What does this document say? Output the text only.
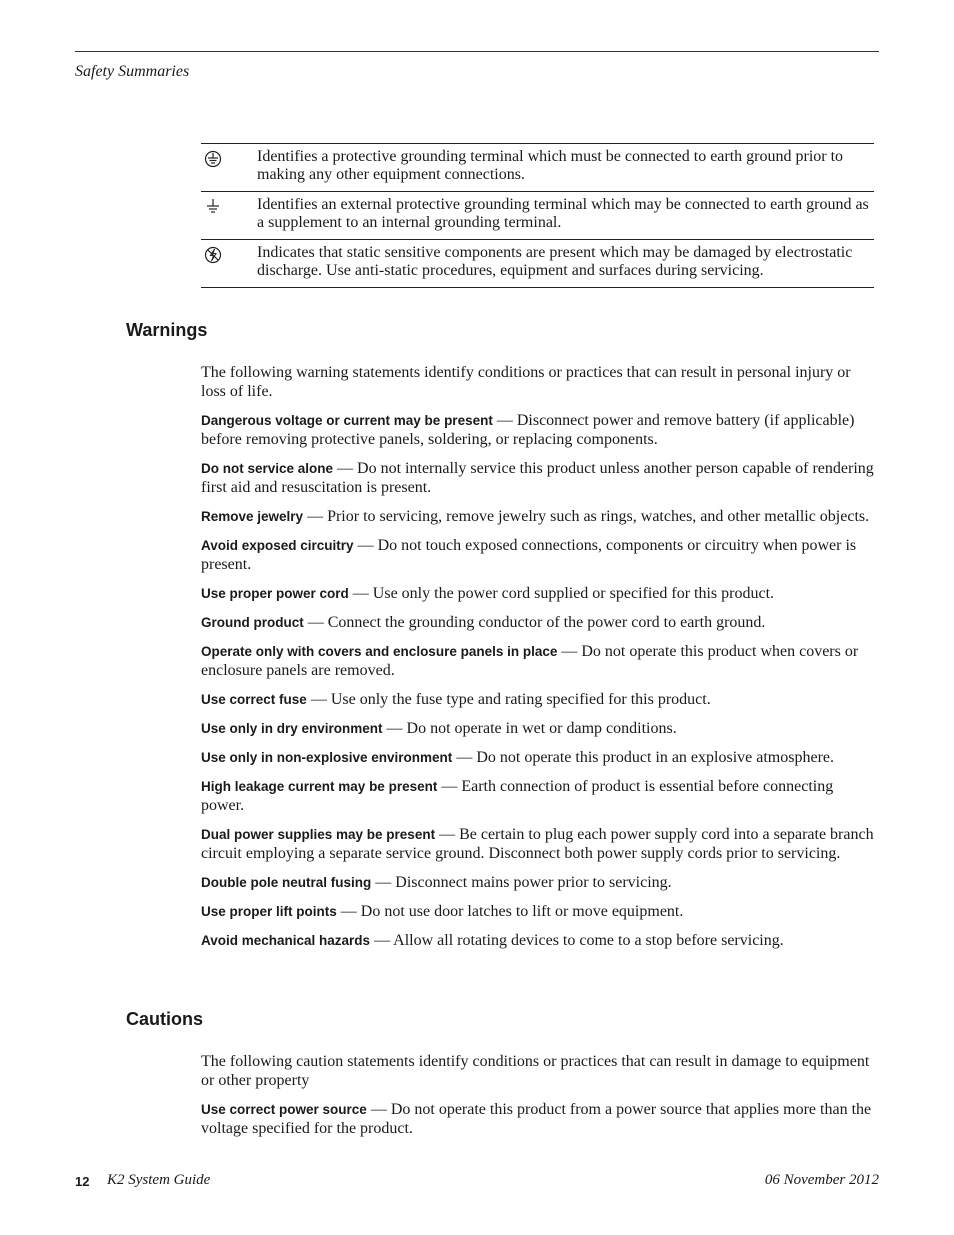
Safety Summaries
Identifies a protective grounding terminal which must be connected to earth ground prior to making any other equipment connections.
Identifies an external protective grounding terminal which may be connected to earth ground as a supplement to an internal grounding terminal.
Indicates that static sensitive components are present which may be damaged by electrostatic discharge. Use anti-static procedures, equipment and surfaces during servicing.
Warnings

The following warning statements identify conditions or practices that can result in personal injury or loss of life.

Dangerous voltage or current may be present — Disconnect power and remove battery (if applicable) before removing protective panels, soldering, or replacing components.

Do not service alone — Do not internally service this product unless another person capable of rendering first aid and resuscitation is present.

Remove jewelry — Prior to servicing, remove jewelry such as rings, watches, and other metallic objects.

Avoid exposed circuitry — Do not touch exposed connections, components or circuitry when power is present.

Use proper power cord — Use only the power cord supplied or specified for this product.

Ground product — Connect the grounding conductor of the power cord to earth ground.

Operate only with covers and enclosure panels in place — Do not operate this product when covers or enclosure panels are removed.

Use correct fuse — Use only the fuse type and rating specified for this product.

Use only in dry environment — Do not operate in wet or damp conditions.

Use only in non-explosive environment — Do not operate this product in an explosive atmosphere.

High leakage current may be present — Earth connection of product is essential before connecting power.

Dual power supplies may be present — Be certain to plug each power supply cord into a separate branch circuit employing a separate service ground. Disconnect both power supply cords prior to servicing.

Double pole neutral fusing — Disconnect mains power prior to servicing.

Use proper lift points — Do not use door latches to lift or move equipment.

Avoid mechanical hazards — Allow all rotating devices to come to a stop before servicing.

Cautions

The following caution statements identify conditions or practices that can result in damage to equipment or other property

Use correct power source — Do not operate this product from a power source that applies more than the voltage specified for the product.

12 K2 System Guide	06 November 2012
